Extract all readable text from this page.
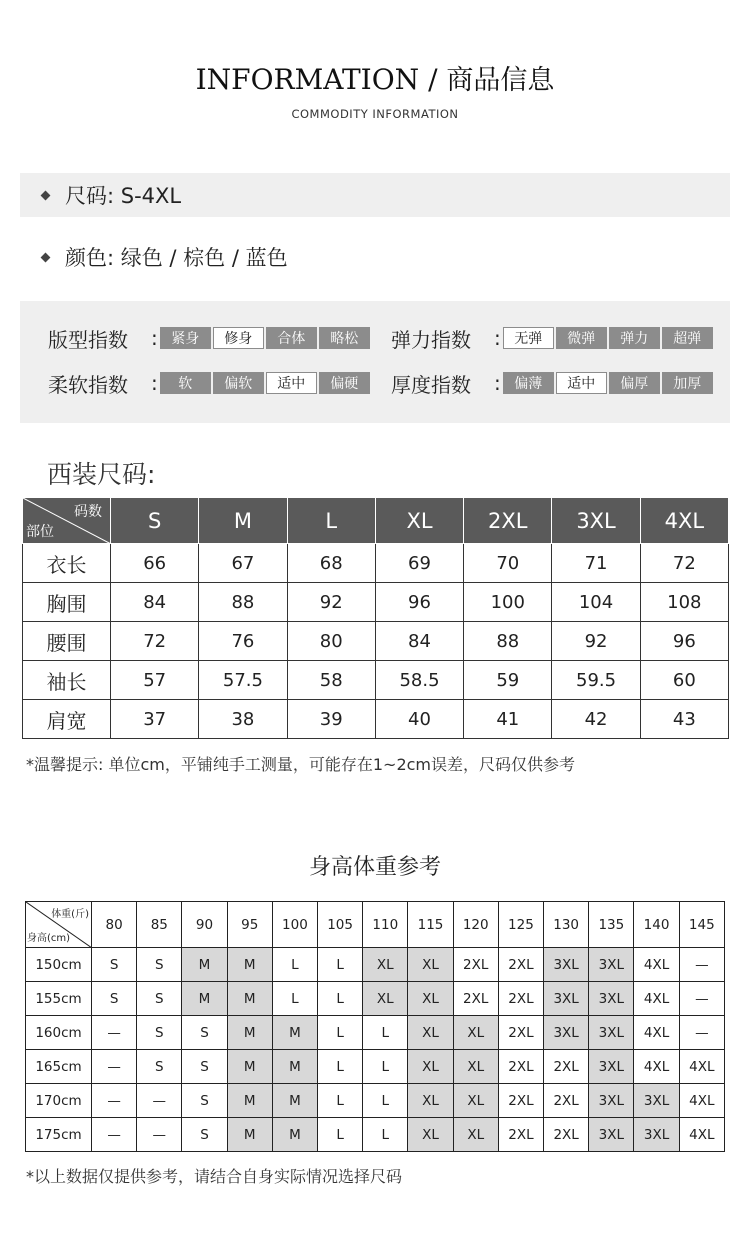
INFORMATION / 商品信息
COMMODITY INFORMATION
尺码: S-4XL
颜色: 绿色 / 棕色 / 蓝色
版型指数	: 紧身	修身	合体	略松	弹力指数	: 无弹	微弹	弹力	超弹
柔软指数	:	软	偏软	适中	偏硬	厚度指数	: 偏薄	适中	偏厚	加厚
西装尺码:
码数
部位	S	M	L	XL	2XL	3XL	4XL
衣长	66	67	68	69	70	71	72
胸围	84	88	92	96	100	104	108
腰围	72	76	80	84	88	92	96
袖长	57	57.5	58	58.5	59	59.5	60
肩宽	37	38	39	40	41	42	43
*温馨提示: 单位cm，平铺纯手工测量，可能存在1~2cm误差，尺码仅供参考
身高体重参考
体重(斤)
身高(cm)	80	85	90	95	100	105	110	115	120	125	130	135	140	145
150cm	S	S	M	M	L	L	XL	XL	2XL	2XL	3XL	3XL	4XL	—
155cm	S	S	M	M	L	L	XL	XL	2XL	2XL	3XL	3XL	4XL	—
160cm	—	S	S	M	M	L	L	XL	XL	2XL	3XL	3XL	4XL	—
165cm	—	S	S	M	M	L	L	XL	XL	2XL	2XL	3XL	4XL	4XL
170cm	—	—	S	M	M	L	L	XL	XL	2XL	2XL	3XL	3XL	4XL
175cm	—	—	S	M	M	L	L	XL	XL	2XL	2XL	3XL	3XL	4XL
*以上数据仅提供参考，请结合自身实际情况选择尺码
